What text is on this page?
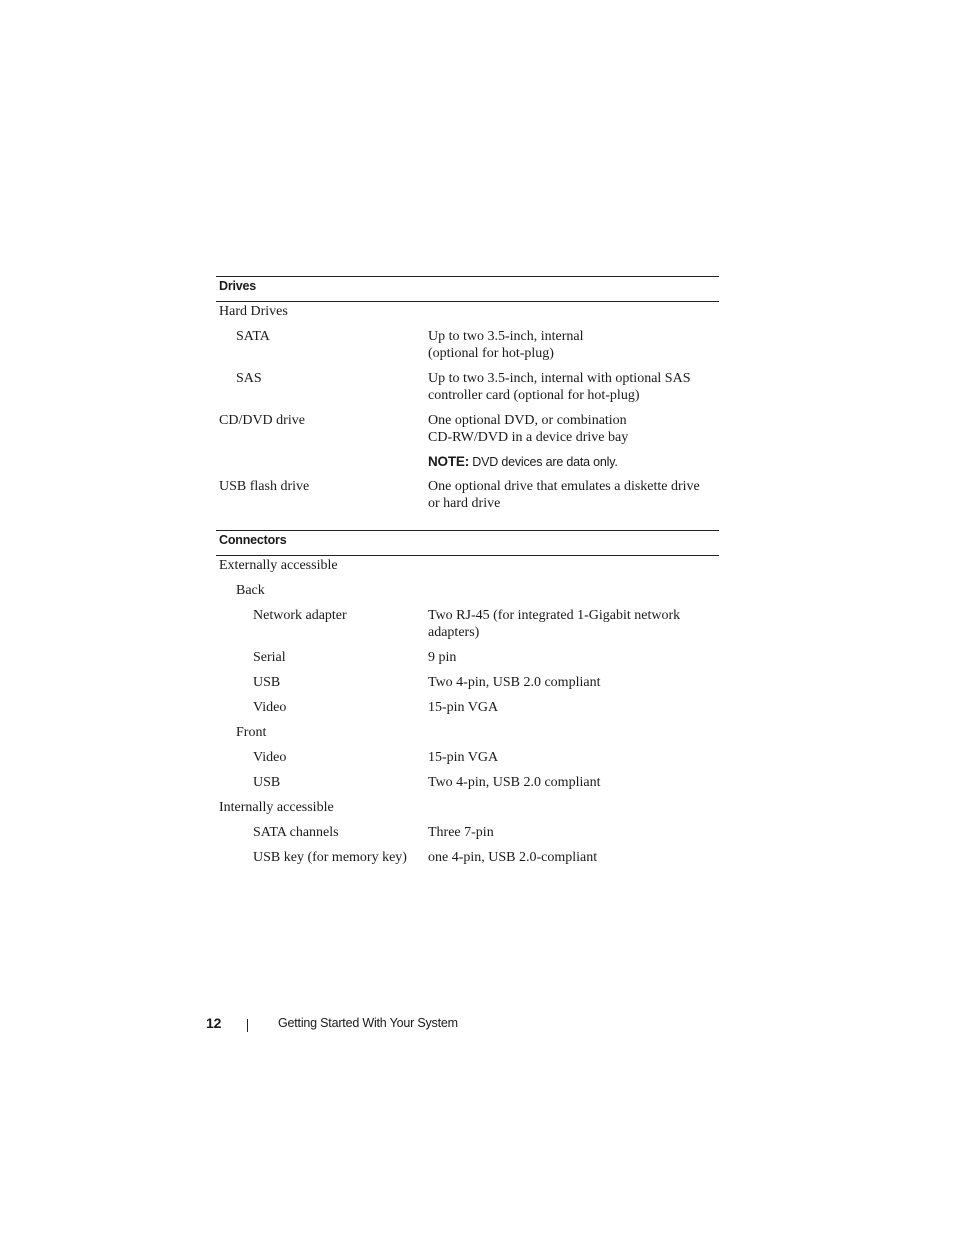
Drives
Hard Drives
SATA	Up to two 3.5-inch, internal
(optional for hot-plug)
SAS	Up to two 3.5-inch, internal with optional SAS
controller card (optional for hot-plug)
CD/DVD drive	One optional DVD, or combination
CD-RW/DVD in a device drive bay
NOTE: DVD devices are data only.
USB flash drive	One optional drive that emulates a diskette drive
or hard drive
Connectors
Externally accessible
Back
Network adapter	Two RJ-45 (for integrated 1-Gigabit network
adapters)
Serial	9 pin
USB	Two 4-pin, USB 2.0 compliant
Video	15-pin VGA
Front
Video	15-pin VGA
USB	Two 4-pin, USB 2.0 compliant
Internally accessible
SATA channels	Three 7-pin
USB key (for memory key) one 4-pin, USB 2.0-compliant
12	Getting Started With Your System
